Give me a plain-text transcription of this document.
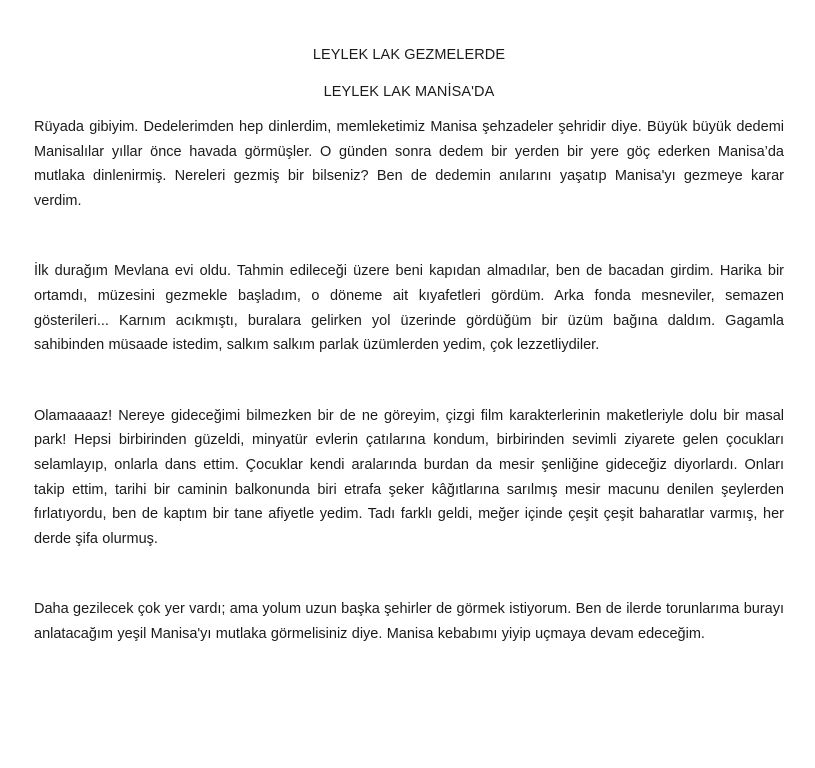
LEYLEK LAK GEZMELERDE
LEYLEK LAK MANİSA'DA

Rüyada gibiyim. Dedelerimden hep dinlerdim, memleketimiz Manisa şehzadeler şehridir diye. Büyük büyük dedemi Manisalılar yıllar önce havada görmüşler. O günden sonra dedem bir yerden bir yere göç ederken Manisa’da mutlaka dinlenirmiş. Nereleri gezmiş bir bilseniz? Ben de dedemin anılarını yaşatıp Manisa'yı gezmeye karar verdim.

İlk durağım Mevlana evi oldu. Tahmin edileceği üzere beni kapıdan almadılar, ben de bacadan girdim. Harika bir ortamdı, müzesini gezmekle başladım, o döneme ait kıyafetleri gördüm. Arka fonda mesneviler, semazen gösterileri... Karnım acıkmıştı, buralara gelirken yol üzerinde gördüğüm bir üzüm bağına daldım. Gagamla sahibinden müsaade istedim, salkım salkım parlak üzümlerden yedim, çok lezzetliydiler.

Olamaaaaz! Nereye gideceğimi bilmezken bir de ne göreyim, çizgi film karakterlerinin maketleriyle dolu bir masal park! Hepsi birbirinden güzeldi, minyatür evlerin çatılarına kondum, birbirinden sevimli ziyarete gelen çocukları selamlayıp, onlarla dans ettim. Çocuklar kendi aralarında burdan da mesir şenliğine gideceğiz diyorlardı. Onları takip ettim, tarihi bir caminin balkonunda biri etrafa şeker kâğıtlarına sarılmış mesir macunu denilen şeylerden fırlatıyordu, ben de kaptım bir tane afiyetle yedim. Tadı farklı geldi, meğer içinde çeşit çeşit baharatlar varmış, her derde şifa olurmuş.

Daha gezilecek çok yer vardı; ama yolum uzun başka şehirler de görmek istiyorum. Ben de ilerde torunlarıma burayı anlatacağım yeşil Manisa'yı mutlaka görmelisiniz diye. Manisa kebabımı yiyip uçmaya devam edeceğim.
